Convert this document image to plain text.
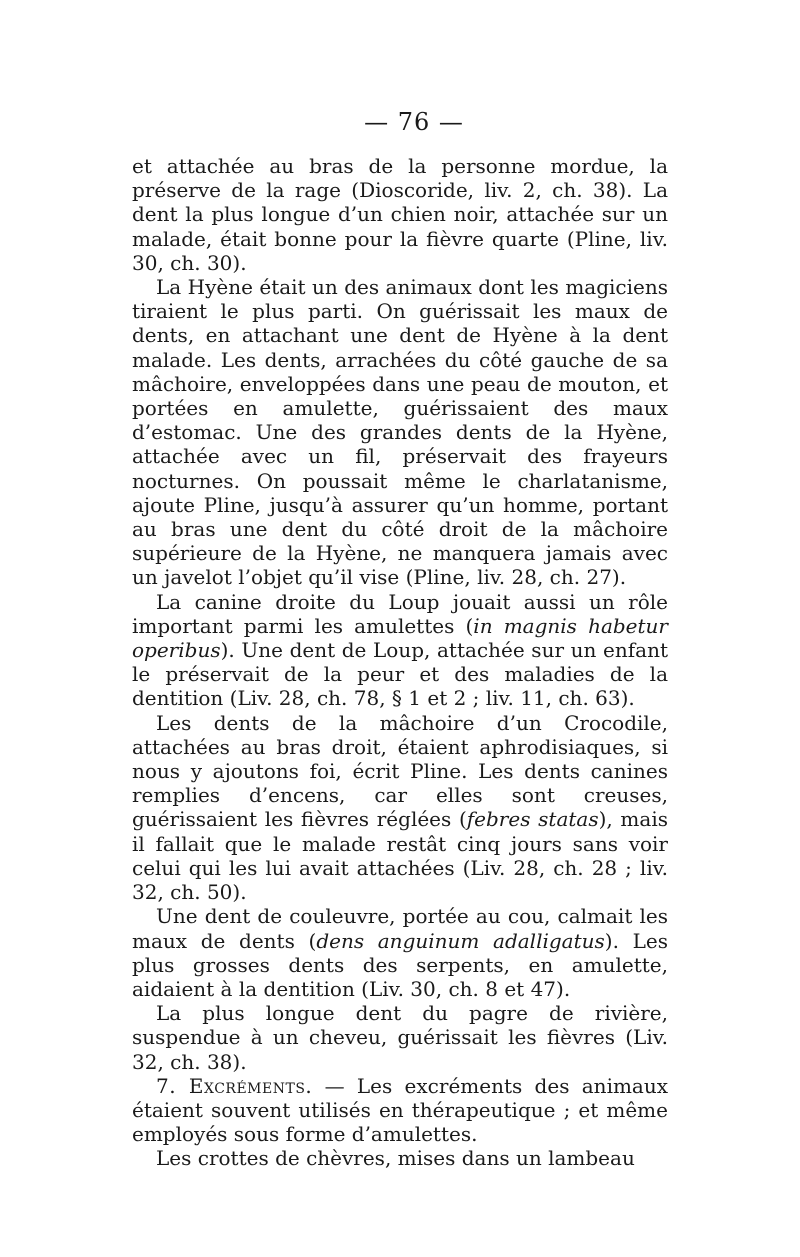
— 76 —

et attachée au bras de la personne mordue, la préserve de la rage (Dioscoride, liv. 2, ch. 38). La dent la plus longue d’un chien noir, attachée sur un malade, était bonne pour la fièvre quarte (Pline, liv. 30, ch. 30).

La Hyène était un des animaux dont les magiciens tiraient le plus parti. On guérissait les maux de dents, en attachant une dent de Hyène à la dent malade. Les dents, arrachées du côté gauche de sa mâchoire, enveloppées dans une peau de mouton, et portées en amulette, guérissaient des maux d’estomac. Une des grandes dents de la Hyène, attachée avec un fil, préservait des frayeurs nocturnes. On poussait même le charlatanisme, ajoute Pline, jusqu’à assurer qu’un homme, portant au bras une dent du côté droit de la mâchoire supérieure de la Hyène, ne manquera jamais avec un javelot l’objet qu’il vise (Pline, liv. 28, ch. 27).

La canine droite du Loup jouait aussi un rôle important parmi les amulettes (in magnis habetur operibus). Une dent de Loup, attachée sur un enfant le préservait de la peur et des maladies de la dentition (Liv. 28, ch. 78, § 1 et 2 ; liv. 11, ch. 63).

Les dents de la mâchoire d’un Crocodile, attachées au bras droit, étaient aphrodisiaques, si nous y ajoutons foi, écrit Pline. Les dents canines remplies d’encens, car elles sont creuses, guérissaient les fièvres réglées (febres statas), mais il fallait que le malade restât cinq jours sans voir celui qui les lui avait attachées (Liv. 28, ch. 28 ; liv. 32, ch. 50).

Une dent de couleuvre, portée au cou, calmait les maux de dents (dens anguinum adalligatus). Les plus grosses dents des serpents, en amulette, aidaient à la dentition (Liv. 30, ch. 8 et 47).

La plus longue dent du pagre de rivière, suspendue à un cheveu, guérissait les fièvres (Liv. 32, ch. 38).

7. Excréments. — Les excréments des animaux étaient souvent utilisés en thérapeutique ; et même employés sous forme d’amulettes.

Les crottes de chèvres, mises dans un lambeau
